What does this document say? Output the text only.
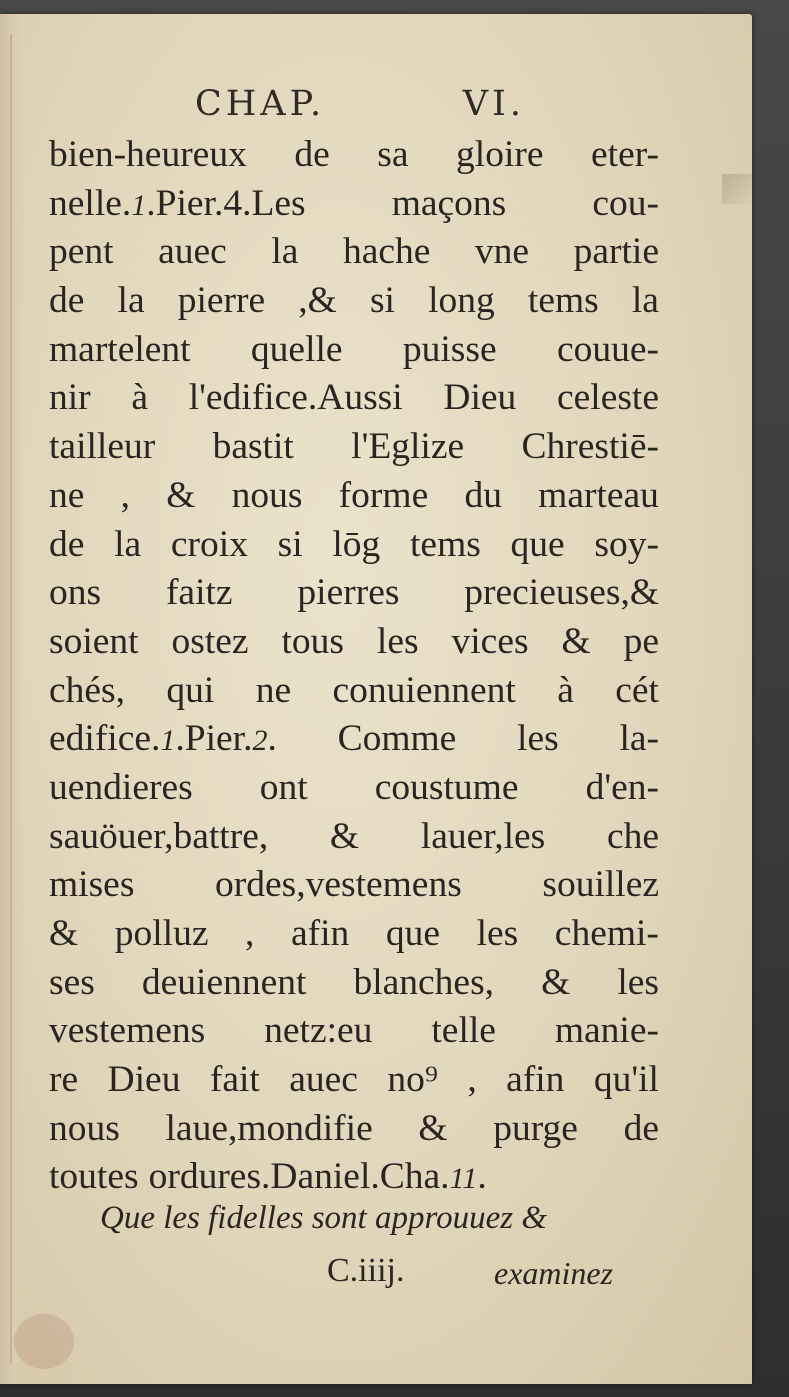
CHAP.	VI.
bien-heureux de sa gloire eter-
nelle.1.Pier.4.Les maçons cou-
pent auec la hache vne partie
de la pierre ,& si long tems la
martelent quelle puisse couue-
nir à l'edifice.Aussi Dieu celeste
tailleur bastit l'Eglize Chrestiē-
ne , & nous forme du marteau
de la croix si lōg tems que soy-
ons faitz pierres precieuses,&
soient ostez tous les vices & pe
chés, qui ne conuiennent à cét
edifice.1.Pier.2. Comme les la-
uendieres ont coustume d'en-
sauöuer,battre, & lauer,les che
mises ordes,vestemens souillez
& polluz , afin que les chemi-
ses deuiennent blanches, & les
vestemens netz:eu telle manie-
re Dieu fait auec no⁹ , afin qu'il
nous laue,mondifie & purge de
toutes ordures.Daniel.Cha.11.
Que les fidelles sont approuuez &
C.iiij.	examinez
